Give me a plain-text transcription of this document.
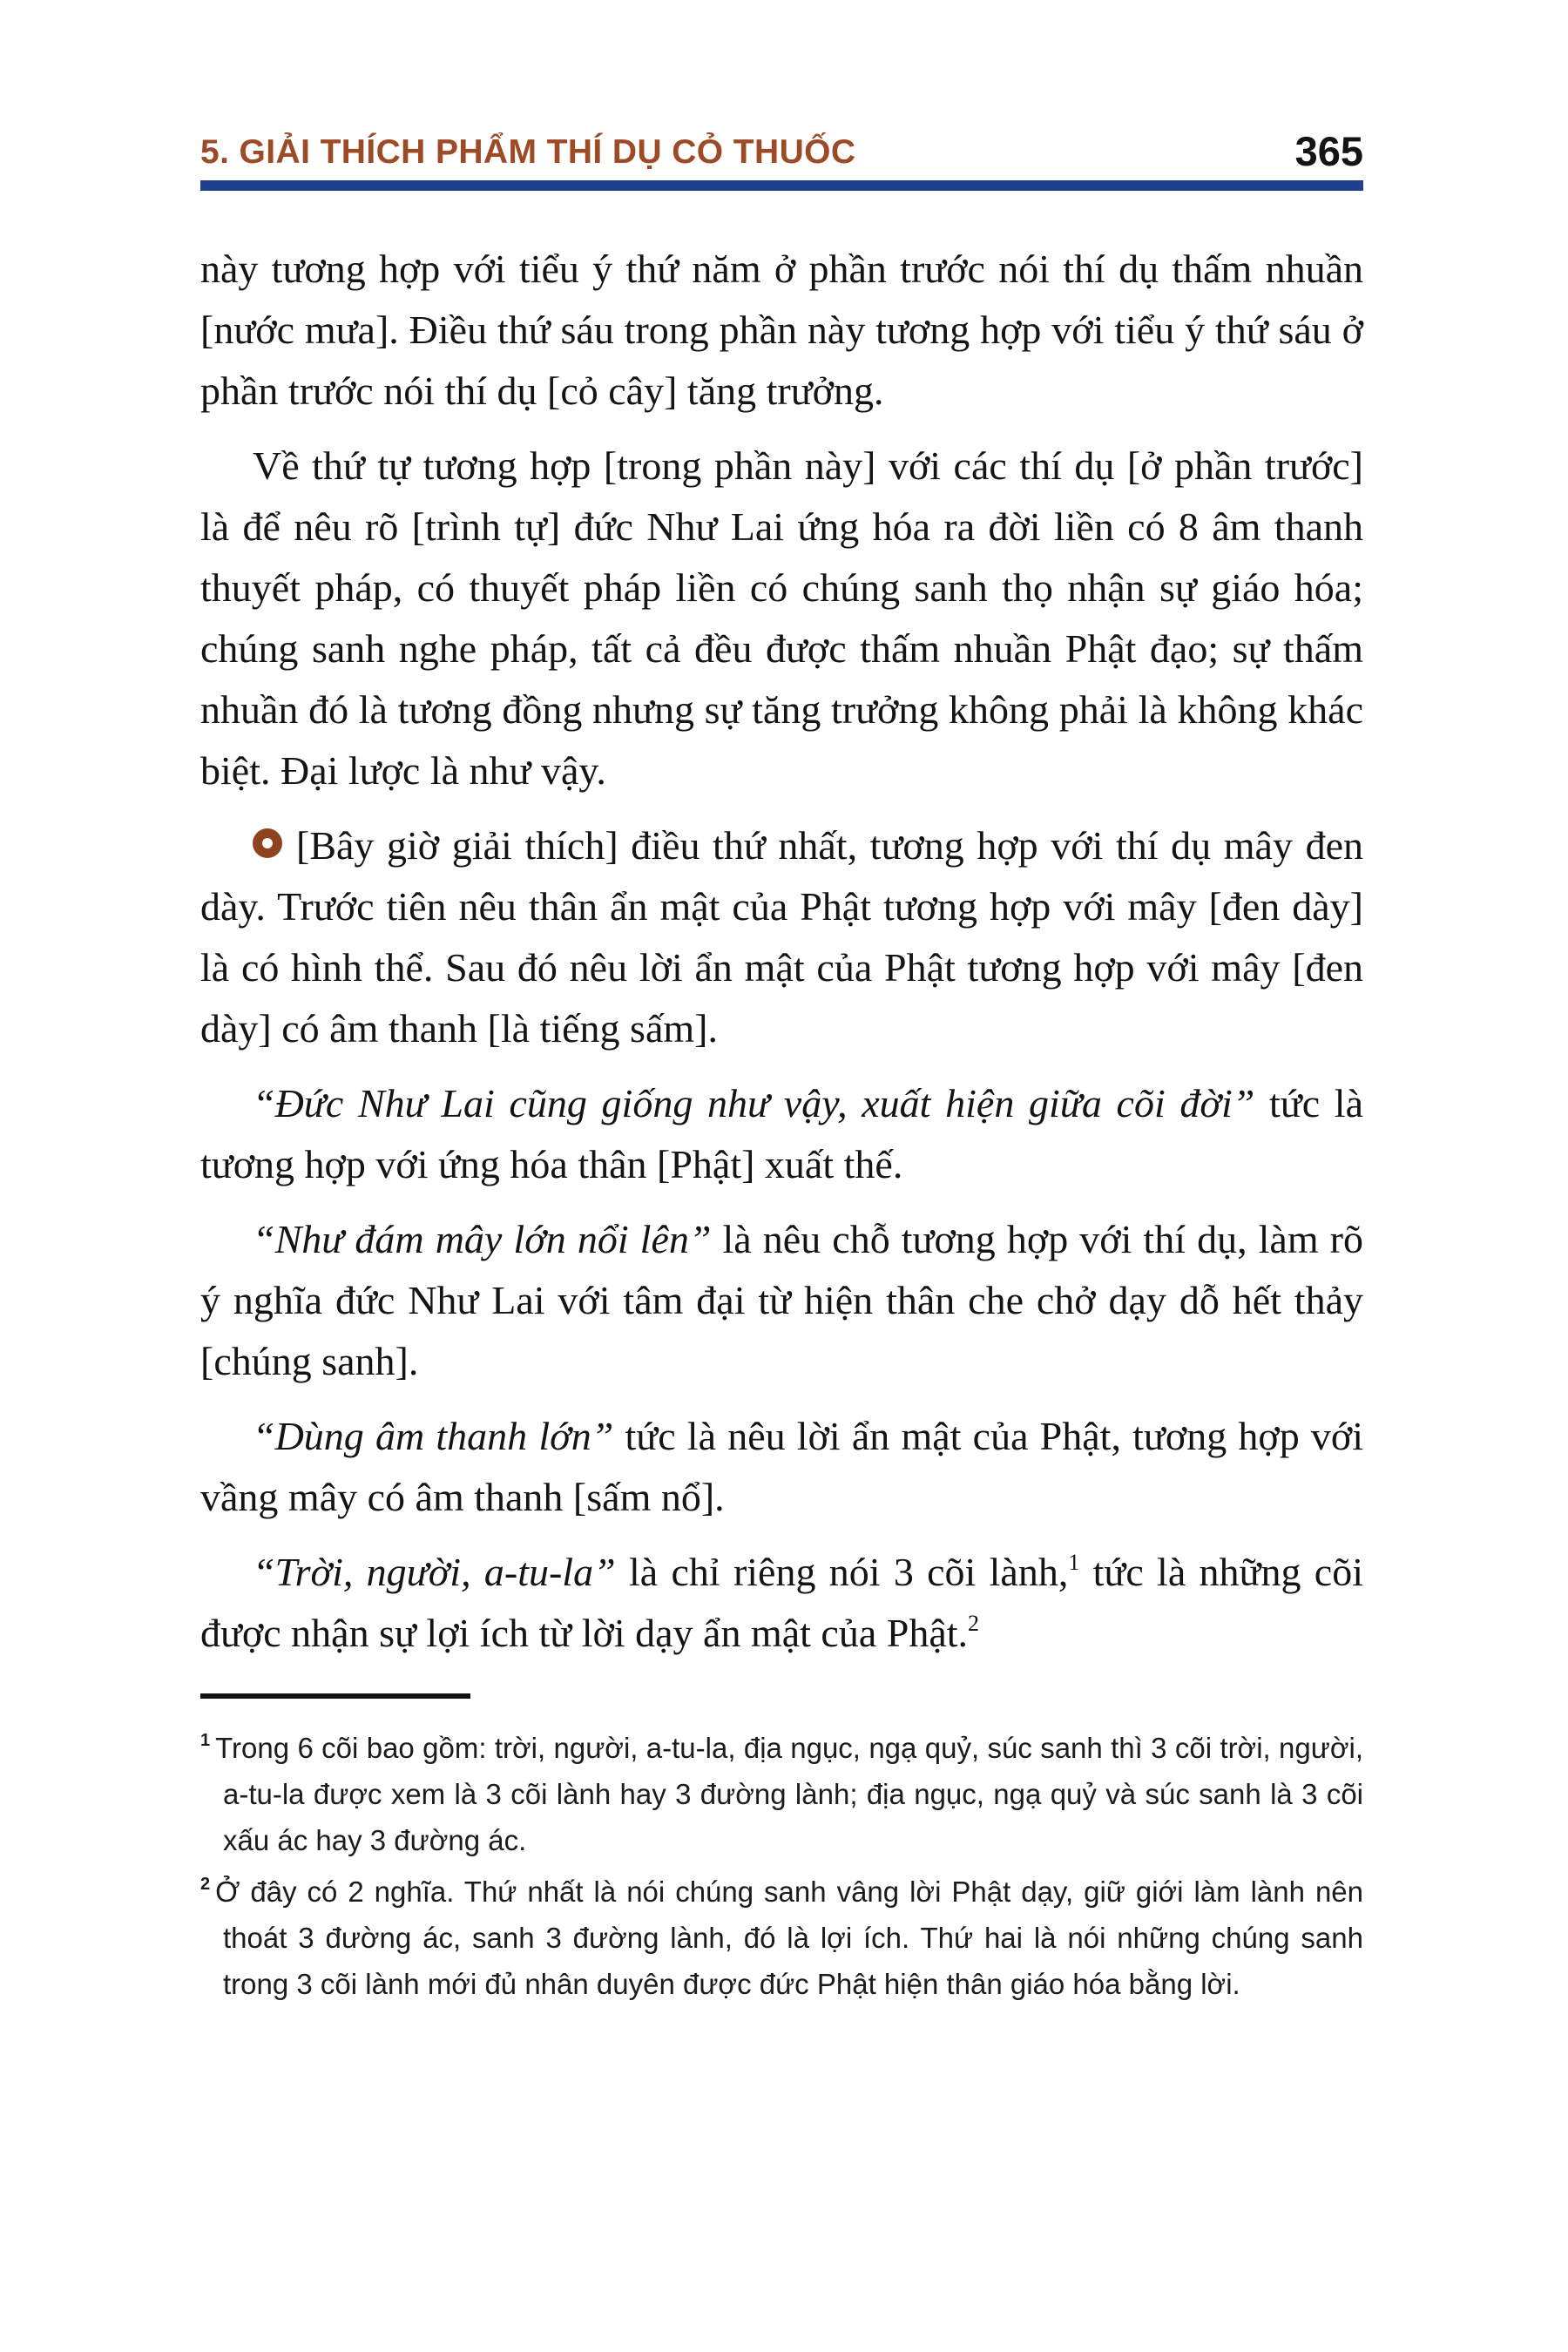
5. GIẢI THÍCH PHẨM THÍ DỤ CỎ THUỐC	365

này tương hợp với tiểu ý thứ năm ở phần trước nói thí dụ thấm nhuần [nước mưa]. Điều thứ sáu trong phần này tương hợp với tiểu ý thứ sáu ở phần trước nói thí dụ [cỏ cây] tăng trưởng.

Về thứ tự tương hợp [trong phần này] với các thí dụ [ở phần trước] là để nêu rõ [trình tự] đức Như Lai ứng hóa ra đời liền có 8 âm thanh thuyết pháp, có thuyết pháp liền có chúng sanh thọ nhận sự giáo hóa; chúng sanh nghe pháp, tất cả đều được thấm nhuần Phật đạo; sự thấm nhuần đó là tương đồng nhưng sự tăng trưởng không phải là không khác biệt. Đại lược là như vậy.

[Bây giờ giải thích] điều thứ nhất, tương hợp với thí dụ mây đen dày. Trước tiên nêu thân ẩn mật của Phật tương hợp với mây [đen dày] là có hình thể. Sau đó nêu lời ẩn mật của Phật tương hợp với mây [đen dày] có âm thanh [là tiếng sấm].

“Đức Như Lai cũng giống như vậy, xuất hiện giữa cõi đời” tức là tương hợp với ứng hóa thân [Phật] xuất thế.

“Như đám mây lớn nổi lên” là nêu chỗ tương hợp với thí dụ, làm rõ ý nghĩa đức Như Lai với tâm đại từ hiện thân che chở dạy dỗ hết thảy [chúng sanh].

“Dùng âm thanh lớn” tức là nêu lời ẩn mật của Phật, tương hợp với vầng mây có âm thanh [sấm nổ].

“Trời, người, a-tu-la” là chỉ riêng nói 3 cõi lành,$^1$ tức là những cõi được nhận sự lợi ích từ lời dạy ẩn mật của Phật.$^2$

$^1$ Trong 6 cõi bao gồm: trời, người, a-tu-la, địa ngục, ngạ quỷ, súc sanh thì 3 cõi trời, người, a-tu-la được xem là 3 cõi lành hay 3 đường lành; địa ngục, ngạ quỷ và súc sanh là 3 cõi xấu ác hay 3 đường ác.

$^2$ Ở đây có 2 nghĩa. Thứ nhất là nói chúng sanh vâng lời Phật dạy, giữ giới làm lành nên thoát 3 đường ác, sanh 3 đường lành, đó là lợi ích. Thứ hai là nói những chúng sanh trong 3 cõi lành mới đủ nhân duyên được đức Phật hiện thân giáo hóa bằng lời.
